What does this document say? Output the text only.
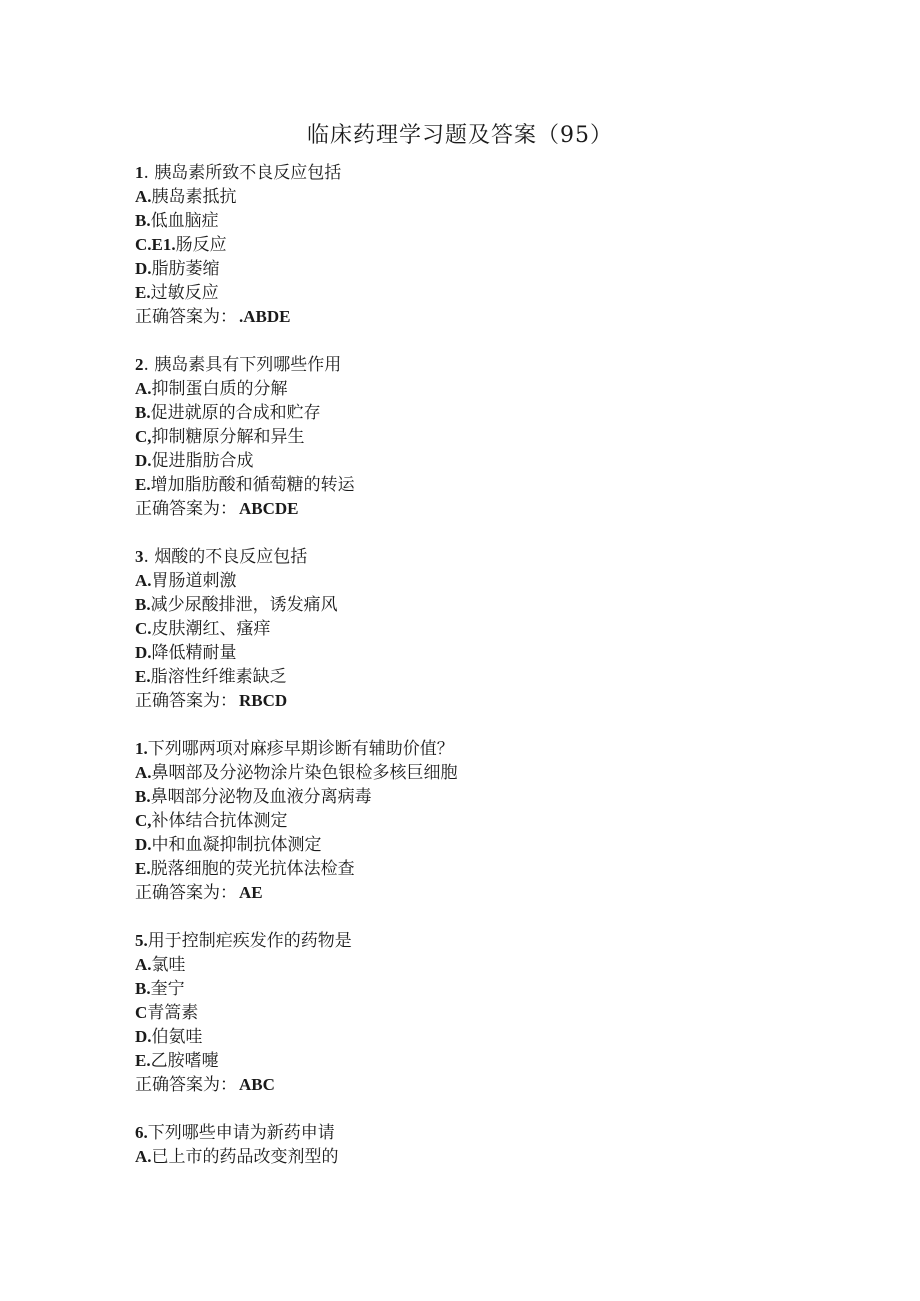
临床药理学习题及答案（95）
1. 胰岛素所致不良反应包括
A.胰岛素抵抗
B.低血脑症
C.E1.肠反应
D.脂肪萎缩
E.过敏反应
正确答案为： .ABDE
2. 胰岛素具有下列哪些作用
A.抑制蛋白质的分解
B.促进就原的合成和贮存
C,抑制糖原分解和异生
D.促进脂肪合成
E.增加脂肪酸和循萄糖的转运
正确答案为： ABCDE
3. 烟酸的不良反应包括
A.胃肠道刺激
B.减少尿酸排泄，诱发痛风
C.皮肤潮红、瘙痒
D.降低精耐量
E.脂溶性纤维素缺乏
正确答案为： RBCD
1.下列哪两项对麻疹早期诊断有辅助价值？
A.鼻咽部及分泌物涂片染色银检多核巨细胞
B.鼻咽部分泌物及血液分离病毒
C,补体结合抗体测定
D.中和血凝抑制抗体测定
E.脱落细胞的荧光抗体法检查
正确答案为： AE
5.用于控制疟疾发作的药物是
A.氯哇
B.奎宁
C青篙素
D.伯氨哇
E.乙胺嗜嚏
正确答案为： ABC
6.下列哪些申请为新药申请
A.已上市的药品改变剂型的
